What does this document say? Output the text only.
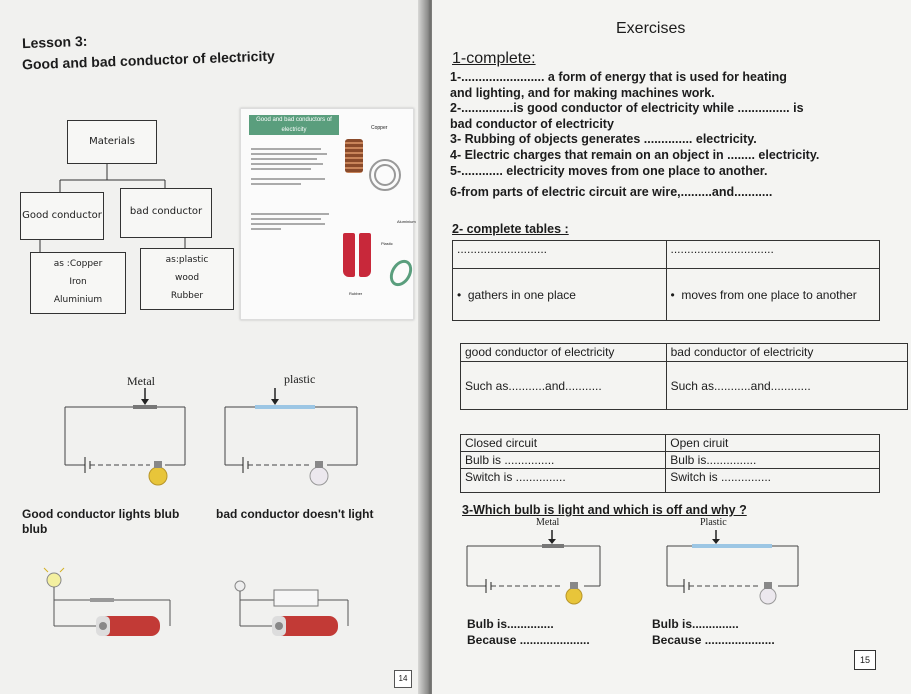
Lesson 3:
Good and bad conductor of electricity
Materials
Good conductor	bad conductor
as :Copper
Iron
Aluminium
as:plastic
wood
Rubber
Good and bad conductors of electricity	Copper
Aluminium
Plastic
Rubber
Metal	plastic
Good conductor lights blub blub
bad conductor doesn't light
14
Exercises
1-complete:
1-........................ a form of energy that is used for heating
and lighting, and for making machines work.
2-...............is good conductor of electricity while ............... is
bad conductor of electricity
3- Rubbing of objects generates .............. electricity.
4- Electric charges that remain on an object in ........ electricity.
5-............ electricity moves from one place to another.
6-from parts of electric circuit are wire,.........and...........
2- complete tables :
...........................	...............................
•  gathers in one place	•  moves from one place to another
good conductor of electricity	bad conductor of electricity
Such as...........and...........	Such as...........and............
Closed circuit	Open ciruit
Bulb is ...............	Bulb is...............
Switch is ...............	Switch is ...............
3-Which bulb is light and which is off and why ?
Metal	Plastic
Bulb is..............
Because .....................
Bulb is..............
Because .....................
15
